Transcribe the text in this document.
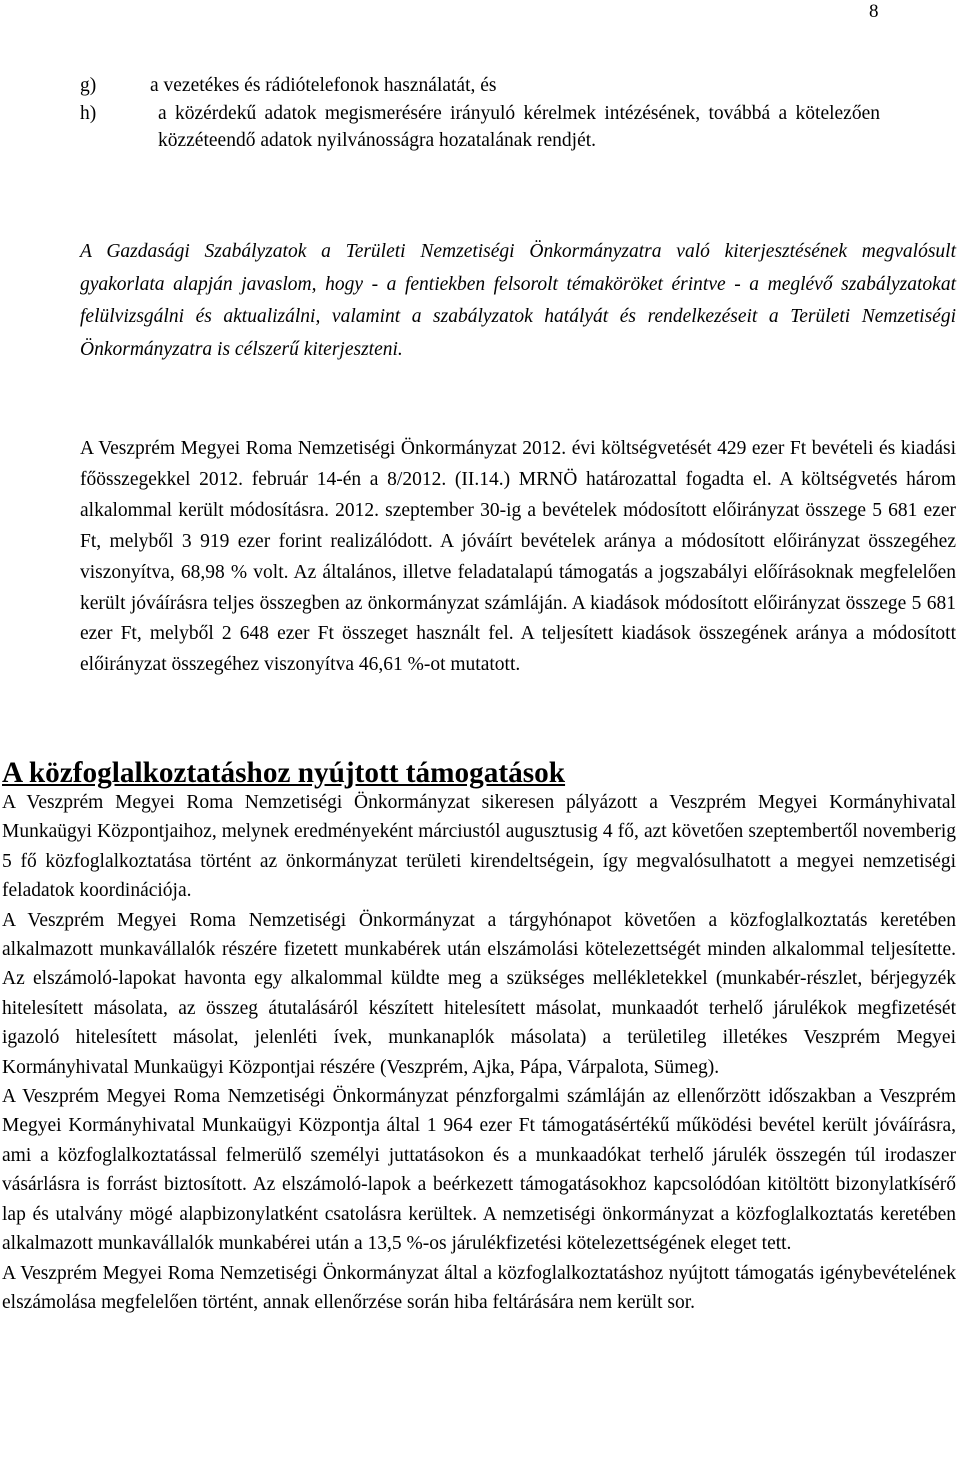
8
g)	a vezetékes és rádiótelefonok használatát, és
h)	a közérdekű adatok megismerésére irányuló kérelmek intézésének, továbbá a kötelezően közzéteendő adatok nyilvánosságra hozatalának rendjét.

A Gazdasági Szabályzatok a Területi Nemzetiségi Önkormányzatra való kiterjesztésének megvalósult gyakorlata alapján javaslom, hogy - a fentiekben felsorolt témaköröket érintve - a meglévő szabályzatokat felülvizsgálni és aktualizálni, valamint a szabályzatok hatályát és rendelkezéseit a Területi Nemzetiségi Önkormányzatra is célszerű kiterjeszteni.

A Veszprém Megyei Roma Nemzetiségi Önkormányzat 2012. évi költségvetését 429 ezer Ft bevételi és kiadási főösszegekkel 2012. február 14-én a 8/2012. (II.14.) MRNÖ határozattal fogadta el. A költségvetés három alkalommal került módosításra. 2012. szeptember 30-ig a bevételek módosított előirányzat összege 5 681 ezer Ft, melyből 3 919 ezer forint realizálódott. A jóváírt bevételek aránya a módosított előirányzat összegéhez viszonyítva, 68,98 % volt. Az általános, illetve feladatalapú támogatás a jogszabályi előírásoknak megfelelően került jóváírásra teljes összegben az önkormányzat számláján. A kiadások módosított előirányzat összege 5 681 ezer Ft, melyből 2 648 ezer Ft összeget használt fel. A teljesített kiadások összegének aránya a módosított előirányzat összegéhez viszonyítva 46,61 %-ot mutatott.

A közfoglalkoztatáshoz nyújtott támogatások

A Veszprém Megyei Roma Nemzetiségi Önkormányzat sikeresen pályázott a Veszprém Megyei Kormányhivatal Munkaügyi Központjaihoz, melynek eredményeként márciustól augusztusig 4 fő, azt követően szeptembertől novemberig 5 fő közfoglalkoztatása történt az önkormányzat területi kirendeltségein, így megvalósulhatott a megyei nemzetiségi feladatok koordinációja.

A Veszprém Megyei Roma Nemzetiségi Önkormányzat a tárgyhónapot követően a közfoglalkoztatás keretében alkalmazott munkavállalók részére fizetett munkabérek után elszámolási kötelezettségét minden alkalommal teljesítette. Az elszámoló-lapokat havonta egy alkalommal küldte meg a szükséges mellékletekkel (munkabér-részlet, bérjegyzék hitelesített másolata, az összeg átutalásáról készített hitelesített másolat, munkaadót terhelő járulékok megfizetését igazoló hitelesített másolat, jelenléti ívek, munkanaplók másolata) a területileg illetékes Veszprém Megyei Kormányhivatal Munkaügyi Központjai részére (Veszprém, Ajka, Pápa, Várpalota, Sümeg).

A Veszprém Megyei Roma Nemzetiségi Önkormányzat pénzforgalmi számláján az ellenőrzött időszakban a Veszprém Megyei Kormányhivatal Munkaügyi Központja által 1 964 ezer Ft támogatásértékű működési bevétel került jóváírásra, ami a közfoglalkoztatással felmerülő személyi juttatásokon és a munkaadókat terhelő járulék összegén túl irodaszer vásárlásra is forrást biztosított. Az elszámoló-lapok a beérkezett támogatásokhoz kapcsolódóan kitöltött bizonylatkísérő lap és utalvány mögé alapbizonylatként csatolásra kerültek. A nemzetiségi önkormányzat a közfoglalkoztatás keretében alkalmazott munkavállalók munkabérei után a 13,5 %-os járulékfizetési kötelezettségének eleget tett.

A Veszprém Megyei Roma Nemzetiségi Önkormányzat által a közfoglalkoztatáshoz nyújtott támogatás igénybevételének elszámolása megfelelően történt, annak ellenőrzése során hiba feltárására nem került sor.
